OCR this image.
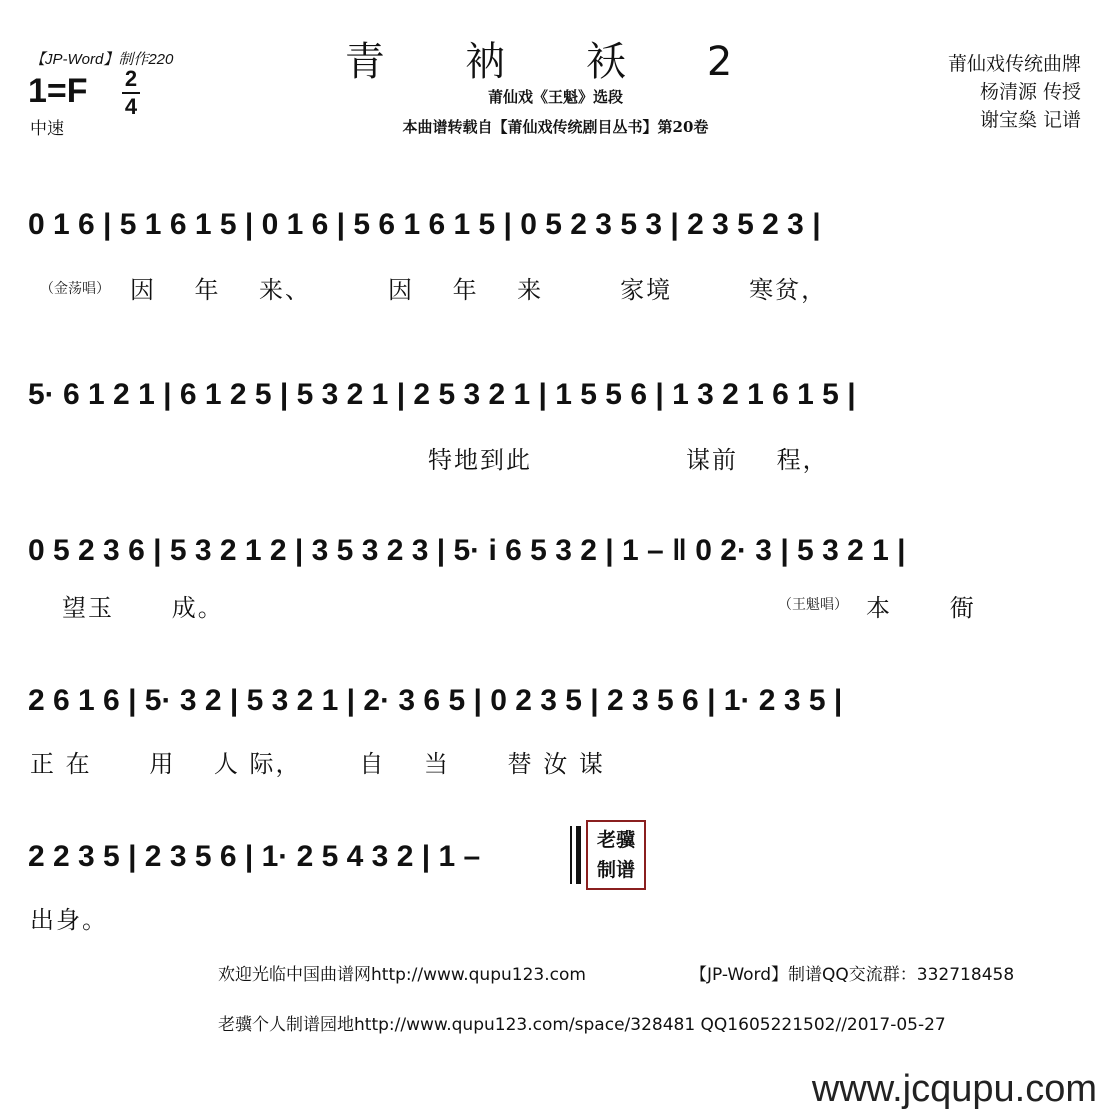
【JP-Word】制作220	青 衲 袄 2
莆仙戏《王魁》选段
本曲谱转载自【莆仙戏传统剧目丛书】第20卷
1=F 2
4
中速
莆仙戏传统曲牌
杨清源 传授
谢宝燊 记谱
0 1 6 | 5 1 6 1 5 | 0 1 6 | 5 6 1 6 1 5 | 0 5 2 3 5 3 | 2 3 5 2 3 |
（金荡唱） 因    年    来、        因    年    来        家境        寒贫，
5· 6 1 2 1 | 6 1 2 5 | 5 3 2 1 | 2 5 3 2 1 | 1 5 5 6 | 1 3 2 1 6 1 5 |
特地到此                谋前    程，
0 5 2 3 6 | 5 3 2 1 2 | 3 5 3 2 3 | 5· i 6 5 3 2 | 1 – ‖ 0 2· 3 | 5 3 2 1 |
望玉      成。	（王魁唱） 本      衙
2 6 1 6 | 5· 3 2 | 5 3 2 1 | 2· 3 6 5 | 0 2 3 5 | 2 3 5 6 | 1· 2 3 5 |
正 在      用    人 际，      自    当      替 汝 谋
2 2 3 5 | 2 3 5 6 | 1· 2 5 4 3 2 | 1 –
出身。
老骥
制谱
欢迎光临中国曲谱网http://www.qupu123.com	【JP-Word】制谱QQ交流群：332718458
老骥个人制谱园地http://www.qupu123.com/space/328481 QQ1605221502//2017-05-27
www.jcqupu.com
